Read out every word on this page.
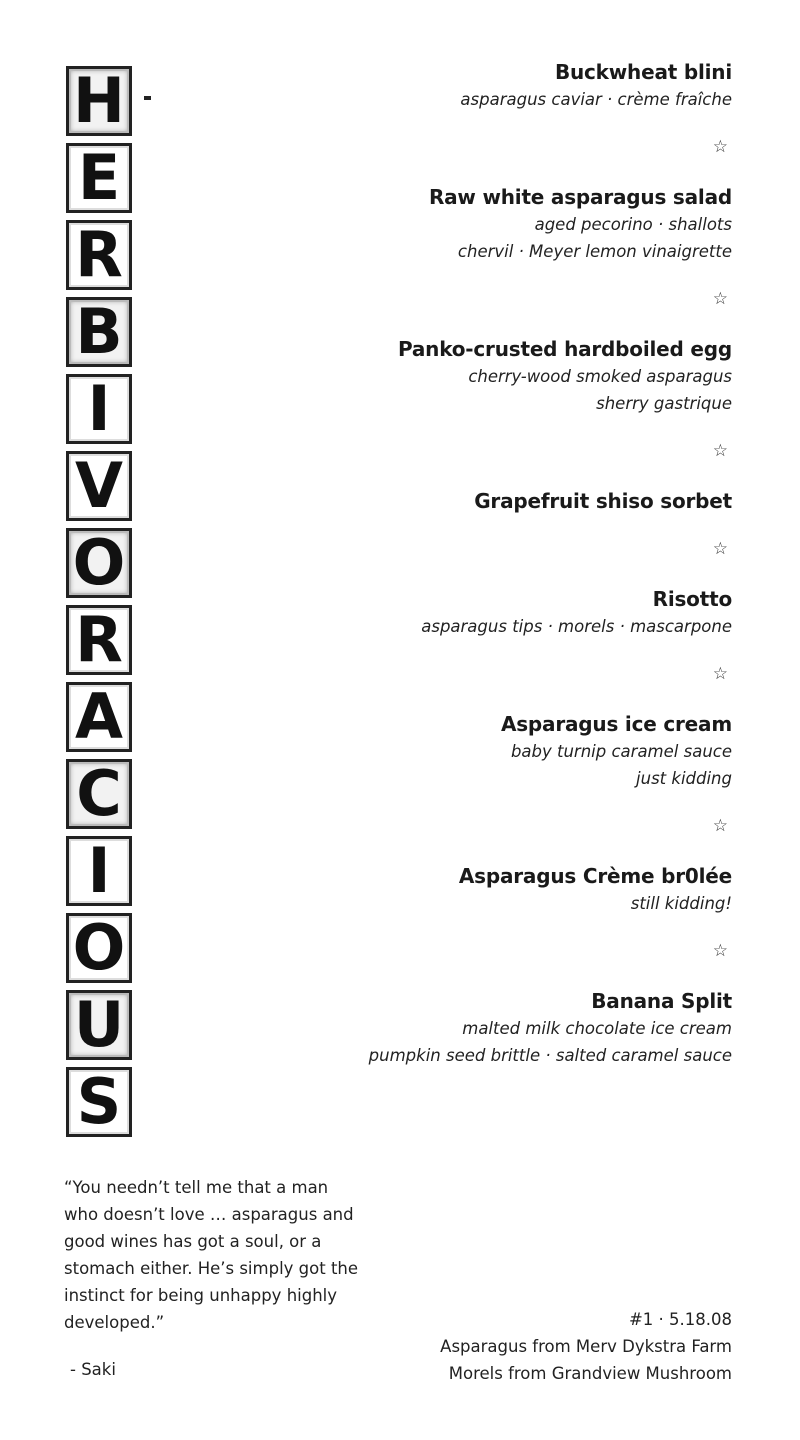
H
E
R
B
I
V
O
R
A
C
I
O
U
S
Buckwheat blini
asparagus caviar · crème fraîche
☆
Raw white asparagus salad
aged pecorino · shallots
chervil · Meyer lemon vinaigrette
☆
Panko-crusted hardboiled egg
cherry-wood smoked asparagus
sherry gastrique
☆
Grapefruit shiso sorbet
☆
Risotto
asparagus tips · morels · mascarpone
☆
Asparagus ice cream
baby turnip caramel sauce
just kidding
☆
Asparagus Crème br0lée
still kidding!
☆
Banana Split
malted milk chocolate ice cream
pumpkin seed brittle · salted caramel sauce
“You needn’t tell me that a man who doesn’t love … asparagus and good wines has got a soul, or a stomach either. He’s simply got the instinct for being unhappy highly developed.”
- Saki
#1 · 5.18.08
Asparagus from Merv Dykstra Farm
Morels from Grandview Mushroom
